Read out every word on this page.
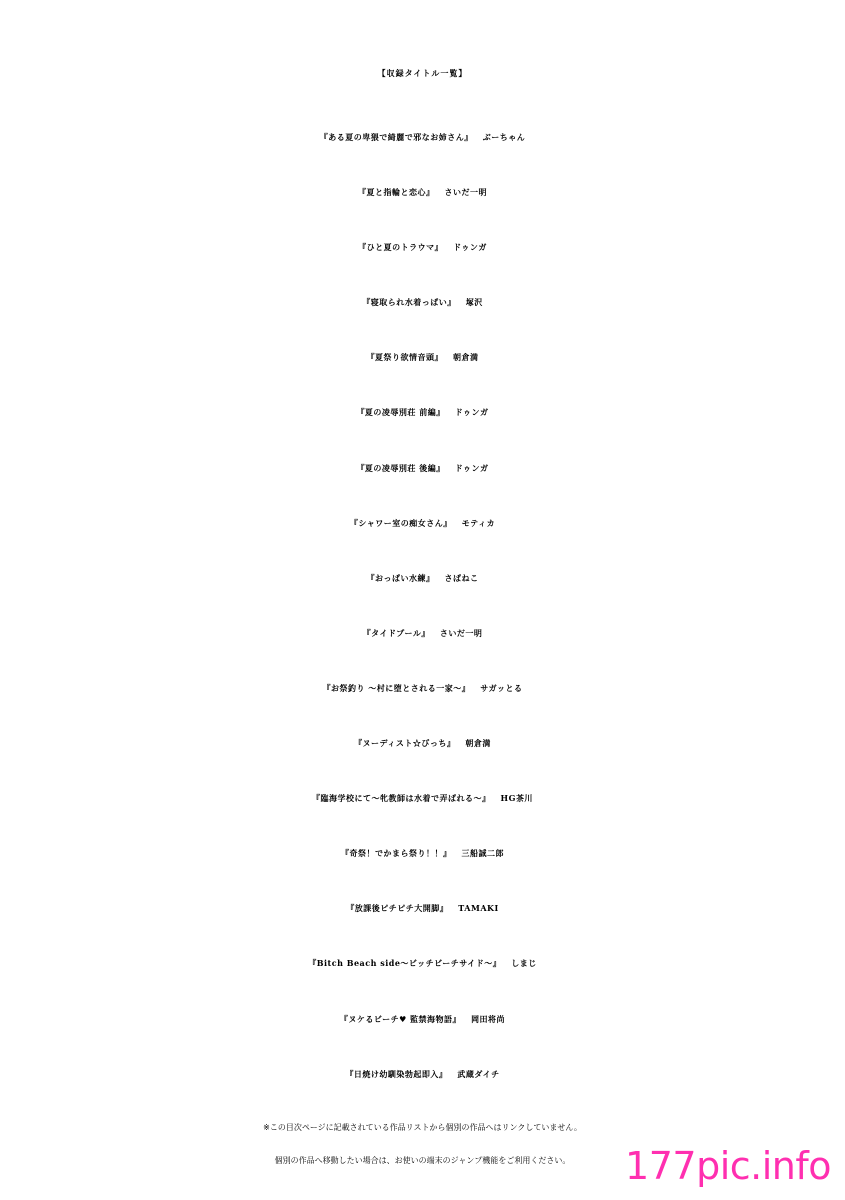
【収録タイトル一覧】
『ある夏の卑猥で綺麗で邪なお姉さん』 ぶーちゃん
『夏と指輪と恋心』 さいだ一明
『ひと夏のトラウマ』 ドゥンガ
『寝取られ水着っぱい』 塚沢
『夏祭り欲情音頭』 朝倉満
『夏の凌辱別荘 前編』 ドゥンガ
『夏の凌辱別荘 後編』 ドゥンガ
『シャワー室の痴女さん』 モティカ
『おっぱい水練』 さばねこ
『タイドプール』 さいだ一明
『お祭釣り ～村に堕とされる一家～』 サガッとる
『ヌーディスト☆びっち』 朝倉満
『臨海学校にて～牝教師は水着で弄ばれる～』 HG茶川
『奇祭！でかまら祭り！！』 三船誠二郎
『放課後ピチピチ大開脚』 TAMAKI
『Bitch Beach side～ビッチビーチサイド～』 しまじ
『ヌケるビーチ♥ 監禁海物語』 岡田将尚
『日焼け幼馴染勃起即入』 武蔵ダイチ
※この目次ページに記載されている作品リストから個別の作品へはリンクしていません。
個別の作品へ移動したい場合は、お使いの端末のジャンプ機能をご利用ください。	177pic.info
